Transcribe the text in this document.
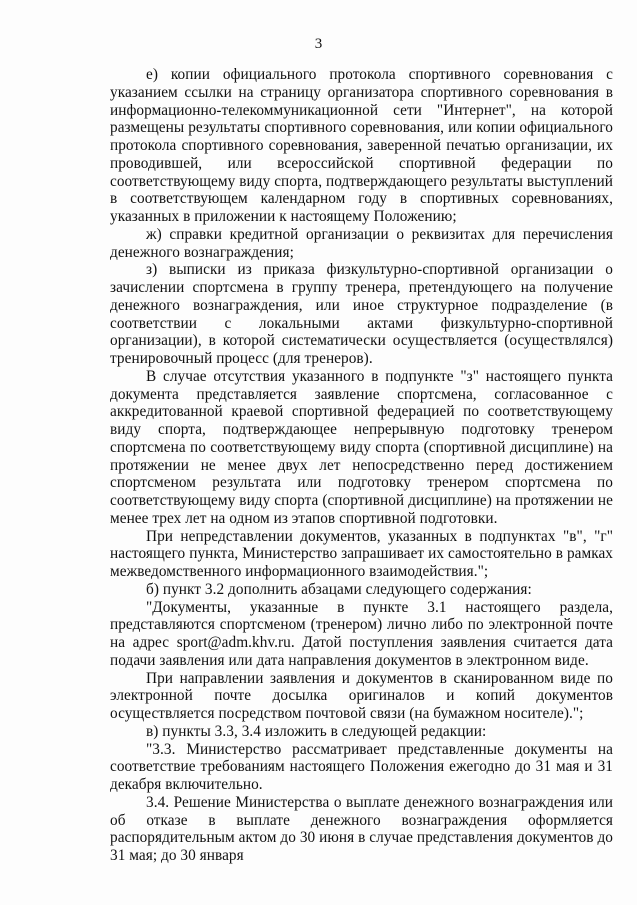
3

е) копии официального протокола спортивного соревнования с указанием ссылки на страницу организатора спортивного соревнования в информационно-телекоммуникационной сети "Интернет", на которой размещены результаты спортивного соревнования, или копии официального протокола спортивного соревнования, заверенной печатью организации, их проводившей, или всероссийской спортивной федерации по соответствующему виду спорта, подтверждающего результаты выступлений в соответствующем календарном году в спортивных соревнованиях, указанных в приложении к настоящему Положению;

ж) справки кредитной организации о реквизитах для перечисления денежного вознаграждения;

з) выписки из приказа физкультурно-спортивной организации о зачислении спортсмена в группу тренера, претендующего на получение денежного вознаграждения, или иное структурное подразделение (в соответствии с локальными актами физкультурно-спортивной организации), в которой систематически осуществляется (осуществлялся) тренировочный процесс (для тренеров).

В случае отсутствия указанного в подпункте "з" настоящего пункта документа представляется заявление спортсмена, согласованное с аккредитованной краевой спортивной федерацией по соответствующему виду спорта, подтверждающее непрерывную подготовку тренером спортсмена по соответствующему виду спорта (спортивной дисциплине) на протяжении не менее двух лет непосредственно перед достижением спортсменом результата или подготовку тренером спортсмена по соответствующему виду спорта (спортивной дисциплине) на протяжении не менее трех лет на одном из этапов спортивной подготовки.

При непредставлении документов, указанных в подпунктах "в", "г" настоящего пункта, Министерство запрашивает их самостоятельно в рамках межведомственного информационного взаимодействия.";

б) пункт 3.2 дополнить абзацами следующего содержания:

"Документы, указанные в пункте 3.1 настоящего раздела, представляются спортсменом (тренером) лично либо по электронной почте на адрес sport@adm.khv.ru. Датой поступления заявления считается дата подачи заявления или дата направления документов в электронном виде.

При направлении заявления и документов в сканированном виде по электронной почте досылка оригиналов и копий документов осуществляется посредством почтовой связи (на бумажном носителе).";

в) пункты 3.3, 3.4 изложить в следующей редакции:

"3.3. Министерство рассматривает представленные документы на соответствие требованиям настоящего Положения ежегодно до 31 мая и 31 декабря включительно.

3.4. Решение Министерства о выплате денежного вознаграждения или об отказе в выплате денежного вознаграждения оформляется распорядительным актом до 30 июня в случае представления документов до 31 мая; до 30 января
